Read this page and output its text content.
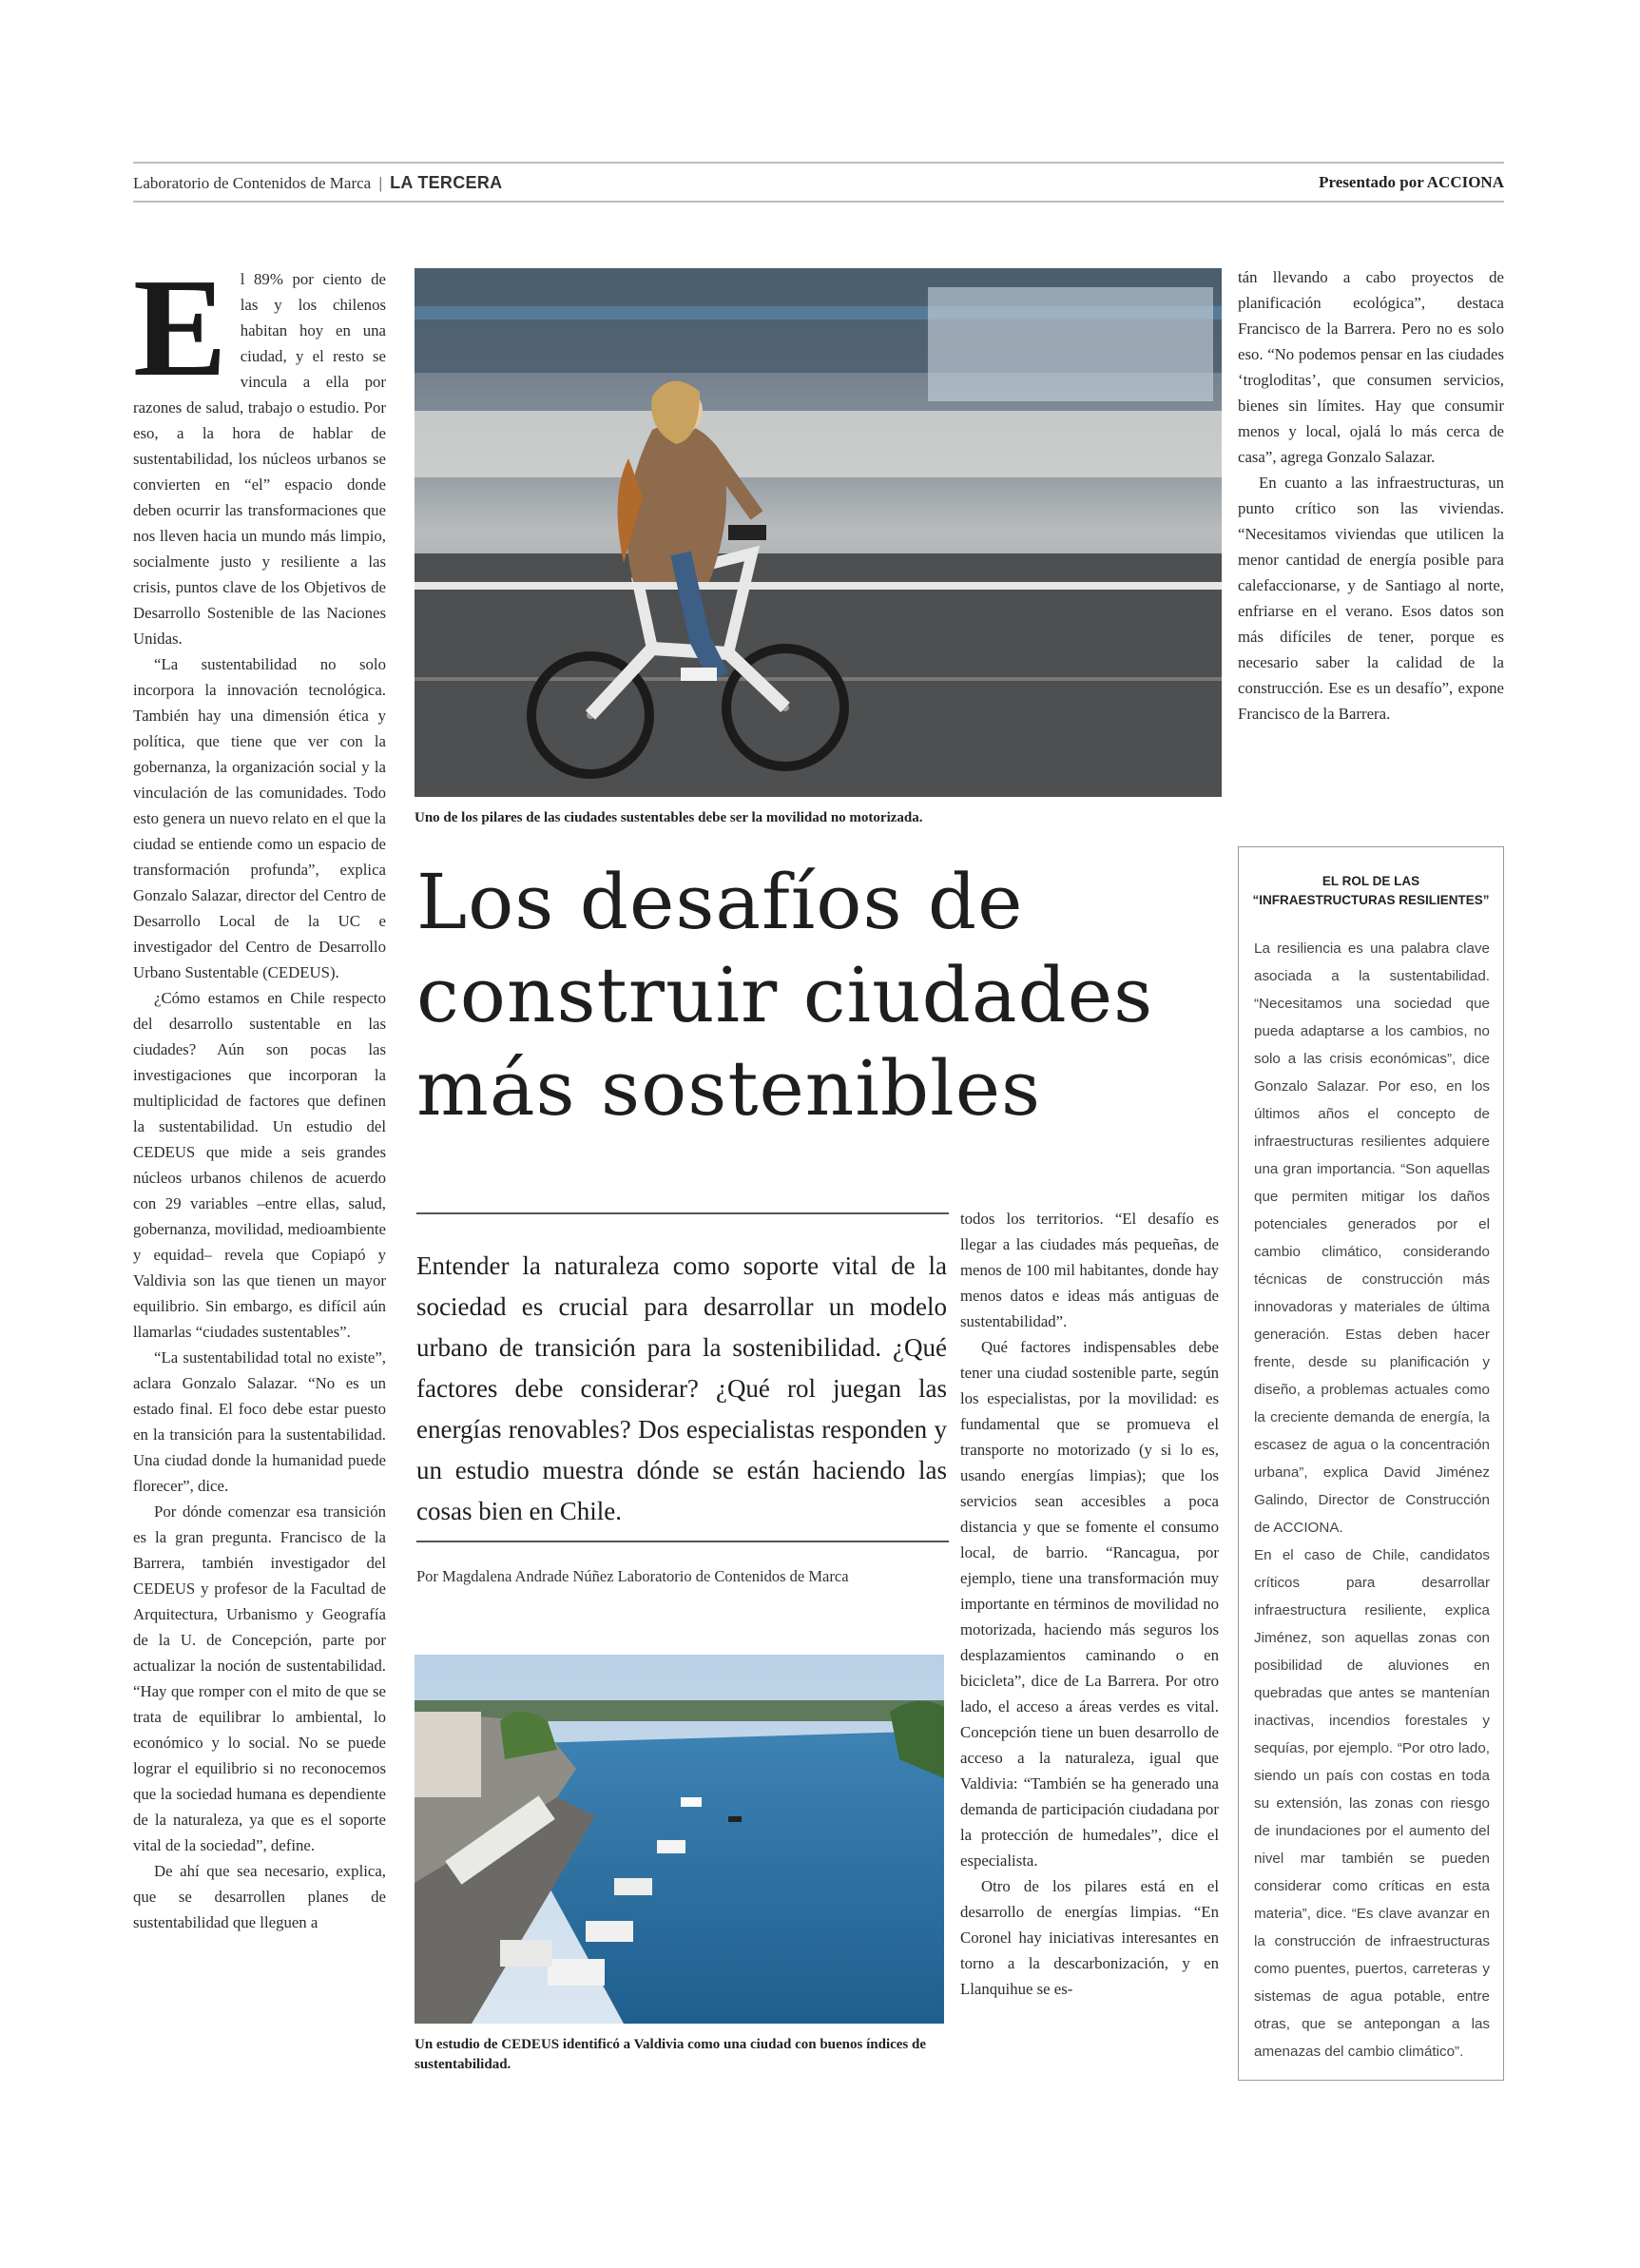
Laboratorio de Contenidos de Marca | LA TERCERA	Presentado por ACCIONA
E l 89% por ciento de las y los chilenos habitan hoy en una ciudad, y el resto se vincula a ella por razones de salud, trabajo o estudio. Por eso, a la hora de hablar de sustentabilidad, los núcleos urbanos se convierten en “el” espacio donde deben ocurrir las transformaciones que nos lleven hacia un mundo más limpio, socialmente justo y resiliente a las crisis, puntos clave de los Objetivos de Desarrollo Sostenible de las Naciones Unidas.

“La sustentabilidad no solo incorpora la innovación tecnológica. También hay una dimensión ética y política, que tiene que ver con la gobernanza, la organización social y la vinculación de las comunidades. Todo esto genera un nuevo relato en el que la ciudad se entiende como un espacio de transformación profunda”, explica Gonzalo Salazar, director del Centro de Desarrollo Local de la UC e investigador del Centro de Desarrollo Urbano Sustentable (CEDEUS).

¿Cómo estamos en Chile respecto del desarrollo sustentable en las ciudades? Aún son pocas las investigaciones que incorporan la multiplicidad de factores que definen la sustentabilidad. Un estudio del CEDEUS que mide a seis grandes núcleos urbanos chilenos de acuerdo con 29 variables –entre ellas, salud, gobernanza, movilidad, medioambiente y equidad– revela que Copiapó y Valdivia son las que tienen un mayor equilibrio. Sin embargo, es difícil aún llamarlas “ciudades sustentables”.

“La sustentabilidad total no existe”, aclara Gonzalo Salazar. “No es un estado final. El foco debe estar puesto en la transición para la sustentabilidad. Una ciudad donde la humanidad puede florecer”, dice.

Por dónde comenzar esa transición es la gran pregunta. Francisco de la Barrera, también investigador del CEDEUS y profesor de la Facultad de Arquitectura, Urbanismo y Geografía de la U. de Concepción, parte por actualizar la noción de sustentabilidad. “Hay que romper con el mito de que se trata de equilibrar lo ambiental, lo económico y lo social. No se puede lograr el equilibrio si no reconocemos que la sociedad humana es dependiente de la naturaleza, ya que es el soporte vital de la sociedad”, define.

De ahí que sea necesario, explica, que se desarrollen planes de sustentabilidad que lleguen a

Uno de los pilares de las ciudades sustentables debe ser la movilidad no motorizada.

tán llevando a cabo proyectos de planificación ecológica”, destaca Francisco de la Barrera. Pero no es solo eso. “No podemos pensar en las ciudades ‘trogloditas’, que consumen servicios, bienes sin límites. Hay que consumir menos y local, ojalá lo más cerca de casa”, agrega Gonzalo Salazar.

En cuanto a las infraestructuras, un punto crítico son las viviendas. “Necesitamos viviendas que utilicen la menor cantidad de energía posible para calefaccionarse, y de Santiago al norte, enfriarse en el verano. Esos datos son más difíciles de tener, porque es necesario saber la calidad de la construcción. Ese es un desafío”, expone Francisco de la Barrera.

Los desafíos de construir ciudades más sostenibles
Entender la naturaleza como soporte vital de la sociedad es crucial para desarrollar un modelo urbano de transición para la sostenibilidad. ¿Qué factores debe considerar? ¿Qué rol juegan las energías renovables? Dos especialistas responden y un estudio muestra dónde se están haciendo las cosas bien en Chile.
Por Magdalena Andrade Núñez Laboratorio de Contenidos de Marca
Un estudio de CEDEUS identificó a Valdivia como una ciudad con buenos índices de sustentabilidad.

todos los territorios. “El desafío es llegar a las ciudades más pequeñas, de menos de 100 mil habitantes, donde hay menos datos e ideas más antiguas de sustentabilidad”.

Qué factores indispensables debe tener una ciudad sostenible parte, según los especialistas, por la movilidad: es fundamental que se promueva el transporte no motorizado (y si lo es, usando energías limpias); que los servicios sean accesibles a poca distancia y que se fomente el consumo local, de barrio. “Rancagua, por ejemplo, tiene una transformación muy importante en términos de movilidad no motorizada, haciendo más seguros los desplazamientos caminando o en bicicleta”, dice de La Barrera. Por otro lado, el acceso a áreas verdes es vital. Concepción tiene un buen desarrollo de acceso a la naturaleza, igual que Valdivia: “También se ha generado una demanda de participación ciudadana por la protección de humedales”, dice el especialista.

Otro de los pilares está en el desarrollo de energías limpias. “En Coronel hay iniciativas interesantes en torno a la descarbonización, y en Llanquihue se es-

EL ROL DE LAS
“INFRAESTRUCTURAS RESILIENTES”

La resiliencia es una palabra clave asociada a la sustentabilidad. “Necesitamos una sociedad que pueda adaptarse a los cambios, no solo a las crisis económicas”, dice Gonzalo Salazar. Por eso, en los últimos años el concepto de infraestructuras resilientes adquiere una gran importancia. “Son aquellas que permiten mitigar los daños potenciales generados por el cambio climático, considerando técnicas de construcción más innovadoras y materiales de última generación. Estas deben hacer frente, desde su planificación y diseño, a problemas actuales como la creciente demanda de energía, la escasez de agua o la concentración urbana”, explica David Jiménez Galindo, Director de Construcción de ACCIONA.

En el caso de Chile, candidatos críticos para desarrollar infraestructura resiliente, explica Jiménez, son aquellas zonas con posibilidad de aluviones en quebradas que antes se mantenían inactivas, incendios forestales y sequías, por ejemplo. “Por otro lado, siendo un país con costas en toda su extensión, las zonas con riesgo de inundaciones por el aumento del nivel mar también se pueden considerar como críticas en esta materia”, dice. “Es clave avanzar en la construcción de infraestructuras como puentes, puertos, carreteras y sistemas de agua potable, entre otras, que se antepongan a las amenazas del cambio climático”.
